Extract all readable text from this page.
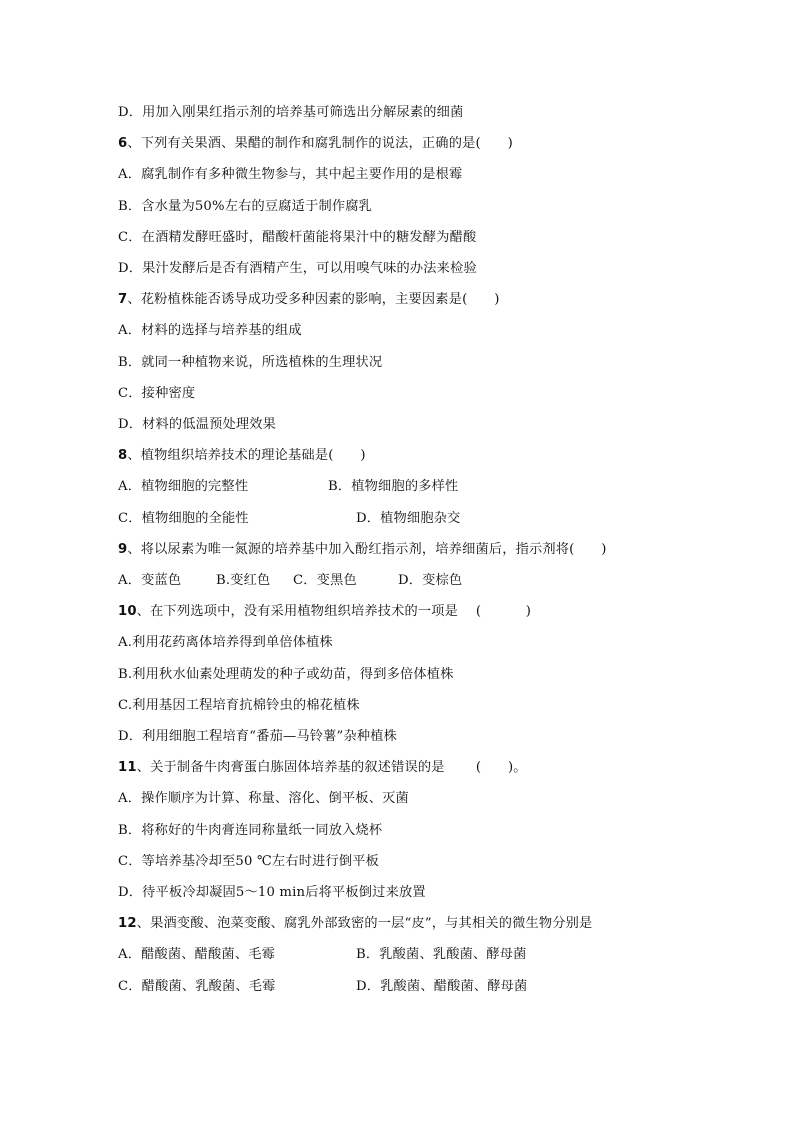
D．用加入刚果红指示剂的培养基可筛选出分解尿素的细菌
6、下列有关果酒、果醋的制作和腐乳制作的说法，正确的是(　　)
A．腐乳制作有多种微生物参与，其中起主要作用的是根霉
B．含水量为50%左右的豆腐适于制作腐乳
C．在酒精发酵旺盛时，醋酸杆菌能将果汁中的糖发酵为醋酸
D．果汁发酵后是否有酒精产生，可以用嗅气味的办法来检验
7、花粉植株能否诱导成功受多种因素的影响，主要因素是(　　)
A．材料的选择与培养基的组成
B．就同一种植物来说，所选植株的生理状况
C．接种密度
D．材料的低温预处理效果
8、植物组织培养技术的理论基础是(　　)
A．植物细胞的完整性	B．植物细胞的多样性
C．植物细胞的全能性	D．植物细胞杂交
9、将以尿素为唯一氮源的培养基中加入酚红指示剂，培养细菌后，指示剂将(　　)
A．变蓝色	B.变红色 C．变黑色	D．变棕色
10、在下列选项中，没有采用植物组织培养技术的一项是　 (　　　 )
A.利用花药离体培养得到单倍体植株
B.利用秋水仙素处理萌发的种子或幼苗，得到多倍体植株
C.利用基因工程培育抗棉铃虫的棉花植株
D．利用细胞工程培育“番茄—马铃薯”杂种植株
11、关于制备牛肉膏蛋白胨固体培养基的叙述错误的是　　 (　　)。
A．操作顺序为计算、称量、溶化、倒平板、灭菌
B．将称好的牛肉膏连同称量纸一同放入烧杯
C．等培养基冷却至50 ℃左右时进行倒平板
D．待平板冷却凝固5～10 min后将平板倒过来放置
12、果酒变酸、泡菜变酸、腐乳外部致密的一层“皮”，与其相关的微生物分别是
A．醋酸菌、醋酸菌、毛霉	B．乳酸菌、乳酸菌、酵母菌
C．醋酸菌、乳酸菌、毛霉	D．乳酸菌、醋酸菌、酵母菌
